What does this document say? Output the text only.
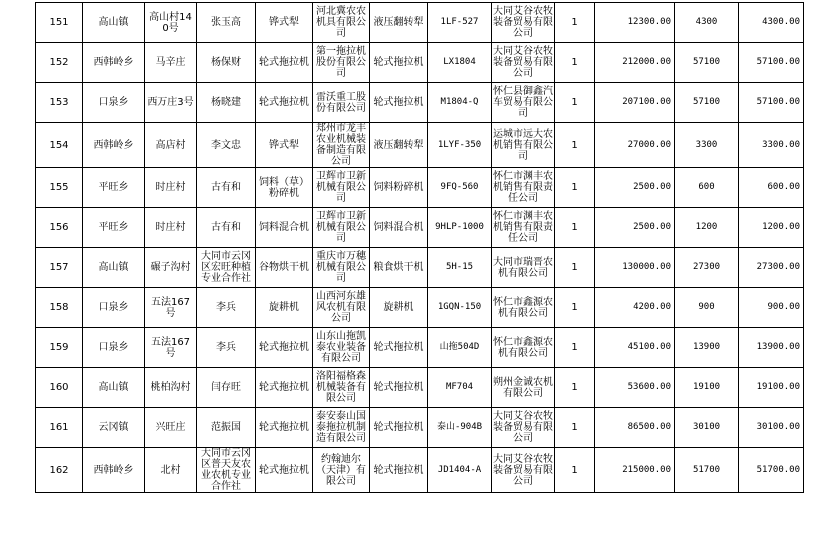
151	高山镇	高山村140号	张玉高	铧式犁	河北冀农农机具有限公司	液压翻转犁	1LF-527	大同艾谷农牧装备贸易有限公司	1	12300.00	4300	4300.00
152	西韩岭乡	马辛庄	杨保财	轮式拖拉机	第一拖拉机股份有限公司	轮式拖拉机	LX1804	大同艾谷农牧装备贸易有限公司	1	212000.00	57100	57100.00
153	口泉乡	西万庄3号	杨晓建	轮式拖拉机	雷沃重工股份有限公司	轮式拖拉机	M1804-Q	怀仁县御鑫汽车贸易有限公司	1	207100.00	57100	57100.00
154	西韩岭乡	高店村	李文忠	铧式犁	郑州市龙丰农业机械装备制造有限公司	液压翻转犁	1LYF-350	运城市远大农机销售有限公司	1	27000.00	3300	3300.00
155	平旺乡	时庄村	古有和	饲料（草）粉碎机	卫辉市卫新机械有限公司	饲料粉碎机	9FQ-560	怀仁市渊丰农机销售有限责任公司	1	2500.00	600	600.00
156	平旺乡	时庄村	古有和	饲料混合机	卫辉市卫新机械有限公司	饲料混合机	9HLP-1000	怀仁市渊丰农机销售有限责任公司	1	2500.00	1200	1200.00
157	高山镇	碾子沟村	大同市云冈区宏旺种植专业合作社	谷物烘干机	重庆市万穗机械有限公司	粮食烘干机	5H-15	大同市瑞晋农机有限公司	1	130000.00	27300	27300.00
158	口泉乡	五法167号	李兵	旋耕机	山西河东雄风农机有限公司	旋耕机	1GQN-150	怀仁市鑫源农机有限公司	1	4200.00	900	900.00
159	口泉乡	五法167号	李兵	轮式拖拉机	山东山拖凯泰农业装备有限公司	轮式拖拉机	山拖504D	怀仁市鑫源农机有限公司	1	45100.00	13900	13900.00
160	高山镇	桃柏沟村	闫存旺	轮式拖拉机	洛阳福格森机械装备有限公司	轮式拖拉机	MF704	朔州金诚农机有限公司	1	53600.00	19100	19100.00
161	云冈镇	兴旺庄	范振国	轮式拖拉机	泰安泰山国泰拖拉机制造有限公司	轮式拖拉机	泰山-904B	大同艾谷农牧装备贸易有限公司	1	86500.00	30100	30100.00
162	西韩岭乡	北村	大同市云冈区普天友农业农机专业合作社	轮式拖拉机	约翰迪尔（天津）有限公司	轮式拖拉机	JD1404-A	大同艾谷农牧装备贸易有限公司	1	215000.00	51700	51700.00
